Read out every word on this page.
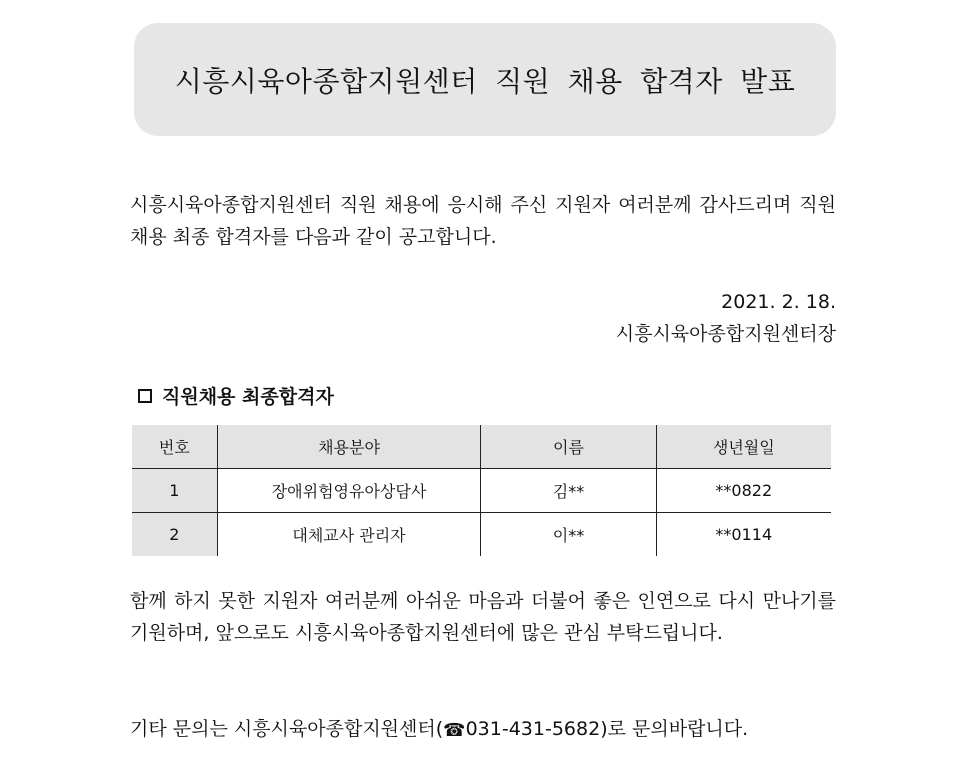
시흥시육아종합지원센터 직원 채용 합격자 발표

시흥시육아종합지원센터 직원 채용에 응시해 주신 지원자 여러분께 감사드리며 직원 채용 최종 합격자를 다음과 같이 공고합니다.

2021. 2. 18.
시흥시육아종합지원센터장
직원채용 최종합격자
번호	채용분야	이름	생년월일
1	장애위험영유아상담사	김**	**0822
2	대체교사 관리자	이**	**0114

함께 하지 못한 지원자 여러분께 아쉬운 마음과 더불어 좋은 인연으로 다시 만나기를 기원하며, 앞으로도 시흥시육아종합지원센터에 많은 관심 부탁드립니다.

기타 문의는 시흥시육아종합지원센터(☎031-431-5682)로 문의바랍니다.
